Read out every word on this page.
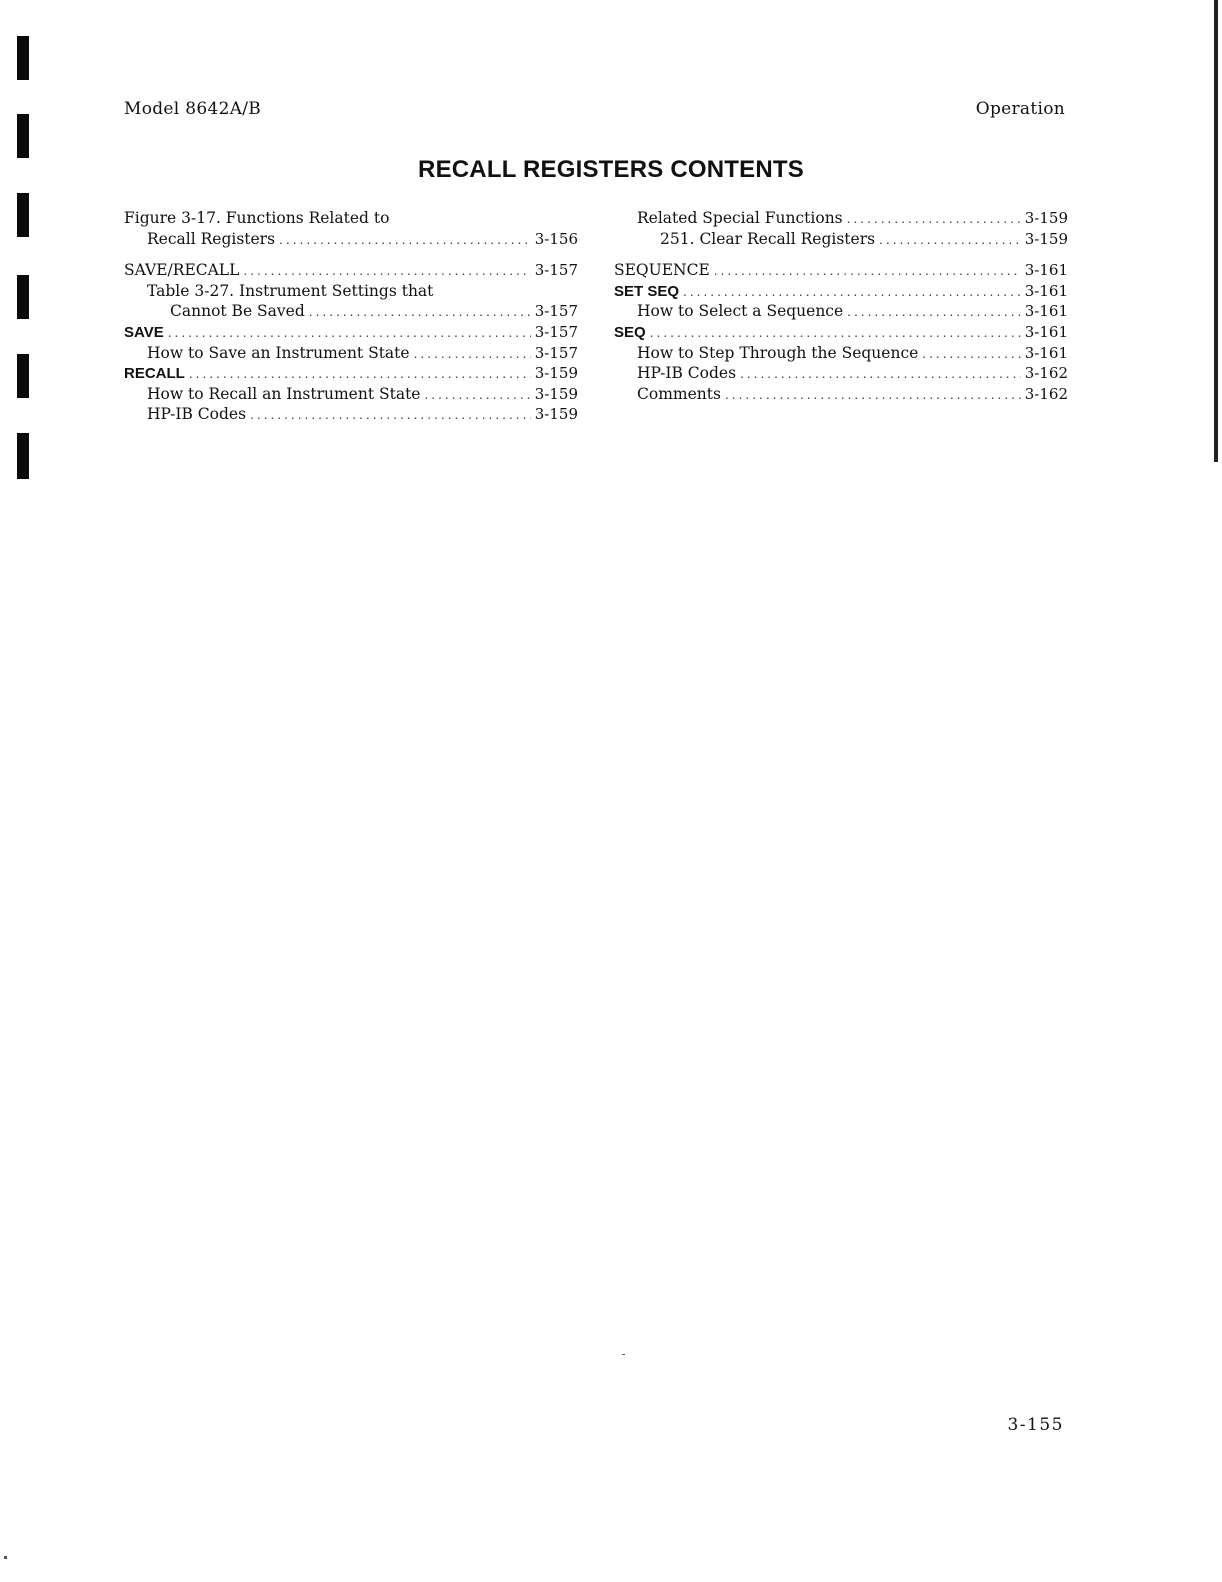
Model 8642A/B	Operation
RECALL REGISTERS CONTENTS
Figure 3-17. Functions Related to
Recall Registers .....	3-156
SAVE/RECALL .....	3-157
Table 3-27. Instrument Settings that
Cannot Be Saved .....	3-157
SAVE .....	3-157
How to Save an Instrument State .....	3-157
RECALL .....	3-159
How to Recall an Instrument State .....	3-159
HP-IB Codes .....	3-159
Related Special Functions .....	3-159
251. Clear Recall Registers .....	3-159
SEQUENCE .....	3-161
SET SEQ .....	3-161
How to Select a Sequence .....	3-161
SEQ .....	3-161
How to Step Through the Sequence .....	3-161
HP-IB Codes .....	3-162
Comments .....	3-162
3-155
